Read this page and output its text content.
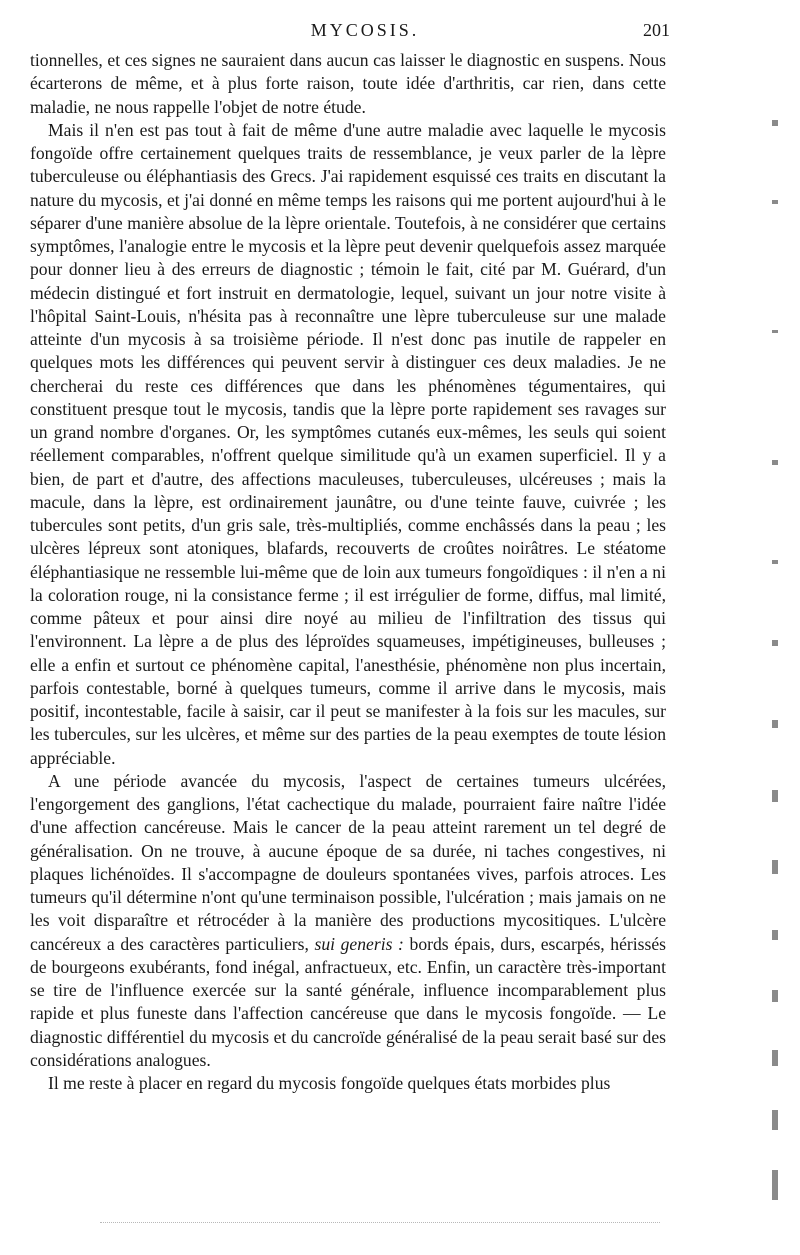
MYCOSIS.	201

tionnelles, et ces signes ne sauraient dans aucun cas laisser le diagnostic en suspens. Nous écarterons de même, et à plus forte raison, toute idée d'arthritis, car rien, dans cette maladie, ne nous rappelle l'objet de notre étude.

Mais il n'en est pas tout à fait de même d'une autre maladie avec laquelle le mycosis fongoïde offre certainement quelques traits de ressemblance, je veux parler de la lèpre tuberculeuse ou éléphantiasis des Grecs. J'ai rapidement esquissé ces traits en discutant la nature du mycosis, et j'ai donné en même temps les raisons qui me portent aujourd'hui à le séparer d'une manière absolue de la lèpre orientale. Toutefois, à ne considérer que certains symptômes, l'analogie entre le mycosis et la lèpre peut devenir quelquefois assez marquée pour donner lieu à des erreurs de diagnostic ; témoin le fait, cité par M. Guérard, d'un médecin distingué et fort instruit en dermatologie, lequel, suivant un jour notre visite à l'hôpital Saint-Louis, n'hésita pas à reconnaître une lèpre tuberculeuse sur une malade atteinte d'un mycosis à sa troisième période. Il n'est donc pas inutile de rappeler en quelques mots les différences qui peuvent servir à distinguer ces deux maladies. Je ne chercherai du reste ces différences que dans les phénomènes tégumentaires, qui constituent presque tout le mycosis, tandis que la lèpre porte rapidement ses ravages sur un grand nombre d'organes. Or, les symptômes cutanés eux-mêmes, les seuls qui soient réellement comparables, n'offrent quelque similitude qu'à un examen superficiel. Il y a bien, de part et d'autre, des affections maculeuses, tuberculeuses, ulcéreuses ; mais la macule, dans la lèpre, est ordinairement jaunâtre, ou d'une teinte fauve, cuivrée ; les tubercules sont petits, d'un gris sale, très-multipliés, comme enchâssés dans la peau ; les ulcères lépreux sont atoniques, blafards, recouverts de croûtes noirâtres. Le stéatome éléphantiasique ne ressemble lui-même que de loin aux tumeurs fongoïdiques : il n'en a ni la coloration rouge, ni la consistance ferme ; il est irrégulier de forme, diffus, mal limité, comme pâteux et pour ainsi dire noyé au milieu de l'infiltration des tissus qui l'environnent. La lèpre a de plus des léproïdes squameuses, impétigineuses, bulleuses ; elle a enfin et surtout ce phénomène capital, l'anesthésie, phénomène non plus incertain, parfois contestable, borné à quelques tumeurs, comme il arrive dans le mycosis, mais positif, incontestable, facile à saisir, car il peut se manifester à la fois sur les macules, sur les tubercules, sur les ulcères, et même sur des parties de la peau exemptes de toute lésion appréciable.

A une période avancée du mycosis, l'aspect de certaines tumeurs ulcérées, l'engorgement des ganglions, l'état cachectique du malade, pourraient faire naître l'idée d'une affection cancéreuse. Mais le cancer de la peau atteint rarement un tel degré de généralisation. On ne trouve, à aucune époque de sa durée, ni taches congestives, ni plaques lichénoïdes. Il s'accompagne de douleurs spontanées vives, parfois atroces. Les tumeurs qu'il détermine n'ont qu'une terminaison possible, l'ulcération ; mais jamais on ne les voit disparaître et rétrocéder à la manière des productions mycositiques. L'ulcère cancéreux a des caractères particuliers, sui generis : bords épais, durs, escarpés, hérissés de bourgeons exubérants, fond inégal, anfractueux, etc. Enfin, un caractère très-important se tire de l'influence exercée sur la santé générale, influence incomparablement plus rapide et plus funeste dans l'affection cancéreuse que dans le mycosis fongoïde. — Le diagnostic différentiel du mycosis et du cancroïde généralisé de la peau serait basé sur des considérations analogues.

Il me reste à placer en regard du mycosis fongoïde quelques états morbides plus
